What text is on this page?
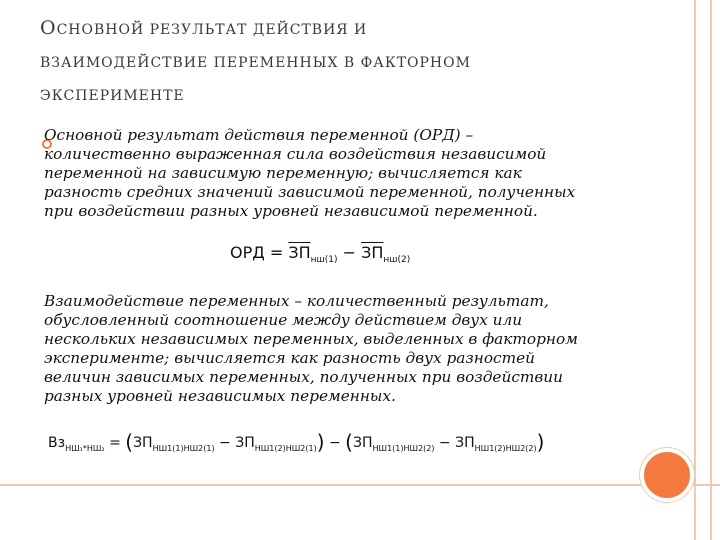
ОСНОВНОЙ РЕЗУЛЬТАТ ДЕЙСТВИЯ И
ВЗАИМОДЕЙСТВИЕ ПЕРЕМЕННЫХ В ФАКТОРНОМ
ЭКСПЕРИМЕНТЕ
Основной результат действия переменной (ОРД) – количественно выраженная сила воздействия независимой переменной на зависимую переменную; вычисляется как разность средних значений зависимой переменной, полученных при воздействии разных уровней независимой переменной.
ОРД = $ЗП_{нш(1)} - ЗП_{нш(2)}$
Взаимодействие переменных – количественный результат, обусловленный соотношение между действием двух или нескольких независимых переменных, выделенных в факторном эксперименте; вычисляется как разность двух разностей величин зависимых переменных, полученных при воздействии разных уровней независимых переменных.
$Вз_{НШ_1*НШ_2} = (ЗП_{НШ1(1)НШ2(1)} - ЗП_{НШ1(2)НШ2(1)}) - (ЗП_{НШ1(1)НШ2(2)} - ЗП_{НШ1(2)НШ2(2)})$
